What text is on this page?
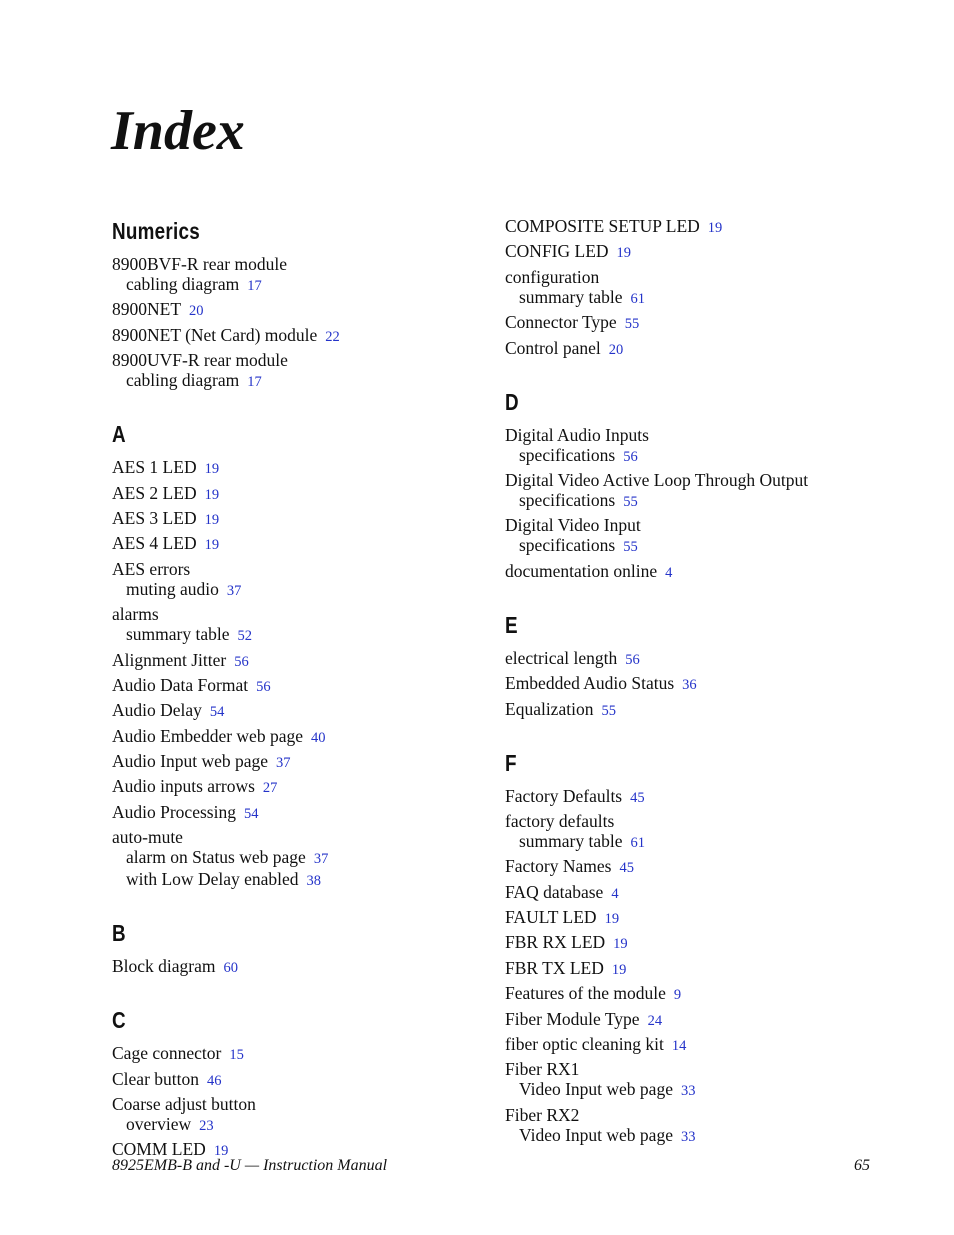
Index
Numerics
8900BVF-R rear module
cabling diagram 17
8900NET 20
8900NET (Net Card) module 22
8900UVF-R rear module
cabling diagram 17
A
AES 1 LED 19
AES 2 LED 19
AES 3 LED 19
AES 4 LED 19
AES errors
muting audio 37
alarms
summary table 52
Alignment Jitter 56
Audio Data Format 56
Audio Delay 54
Audio Embedder web page 40
Audio Input web page 37
Audio inputs arrows 27
Audio Processing 54
auto-mute
alarm on Status web page 37
with Low Delay enabled 38
B
Block diagram 60
C
Cage connector 15
Clear button 46
Coarse adjust button
overview 23
COMM LED 19
COMPOSITE SETUP LED 19
CONFIG LED 19
configuration
summary table 61
Connector Type 55
Control panel 20
D
Digital Audio Inputs
specifications 56
Digital Video Active Loop Through Output
specifications 55
Digital Video Input
specifications 55
documentation online 4
E
electrical length 56
Embedded Audio Status 36
Equalization 55
F
Factory Defaults 45
factory defaults
summary table 61
Factory Names 45
FAQ database 4
FAULT LED 19
FBR RX LED 19
FBR TX LED 19
Features of the module 9
Fiber Module Type 24
fiber optic cleaning kit 14
Fiber RX1
Video Input web page 33
Fiber RX2
Video Input web page 33
8925EMB-B and -U — Instruction Manual	65
